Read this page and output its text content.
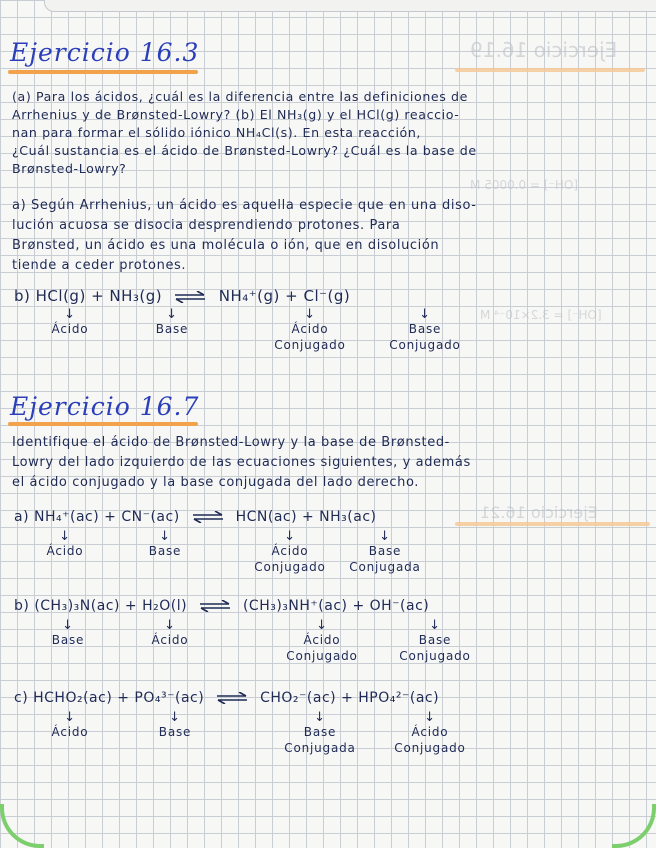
Ejercicio 16.19
[OH⁻] = 0.0005 M
[OH⁻] = 3.2×10⁻⁴ M
Ejercicio 16.21
Ejercicio 16.3
(a) Para los ácidos, ¿cuál es la diferencia entre las definiciones de
Arrhenius y de Brønsted-Lowry? (b) El NH₃(g) y el HCl(g) reaccio-
nan para formar el sólido iónico NH₄Cl(s). En esta reacción,
¿Cuál sustancia es el ácido de Brønsted-Lowry? ¿Cuál es la base de
Brønsted-Lowry?
a) Según Arrhenius, un ácido es aquella especie que en una diso-
lución acuosa se disocia desprendiendo protones. Para
Brønsted, un ácido es una molécula o ión, que en disolución
tiende a ceder protones.
b) HCl(g) + NH₃(g) ⇌ NH₄⁺(g) + Cl⁻(g)
↓
Ácido
↓
Base
↓
Ácido
Conjugado
↓
Base
Conjugado
Ejercicio 16.7
Identifique el ácido de Brønsted-Lowry y la base de Brønsted-
Lowry del lado izquierdo de las ecuaciones siguientes, y además
el ácido conjugado y la base conjugada del lado derecho.
a) NH₄⁺(ac) + CN⁻(ac) ⇌ HCN(ac) + NH₃(ac)
↓
Ácido
↓
Base
↓
Ácido
Conjugado
↓
Base
Conjugada
b) (CH₃)₃N(ac) + H₂O(l) ⇌ (CH₃)₃NH⁺(ac) + OH⁻(ac)
↓
Base
↓
Ácido
↓
Ácido
Conjugado
↓
Base
Conjugado
c) HCHO₂(ac) + PO₄³⁻(ac) ⇌ CHO₂⁻(ac) + HPO₄²⁻(ac)
↓
Ácido
↓
Base
↓
Base
Conjugada
↓
Ácido
Conjugado
